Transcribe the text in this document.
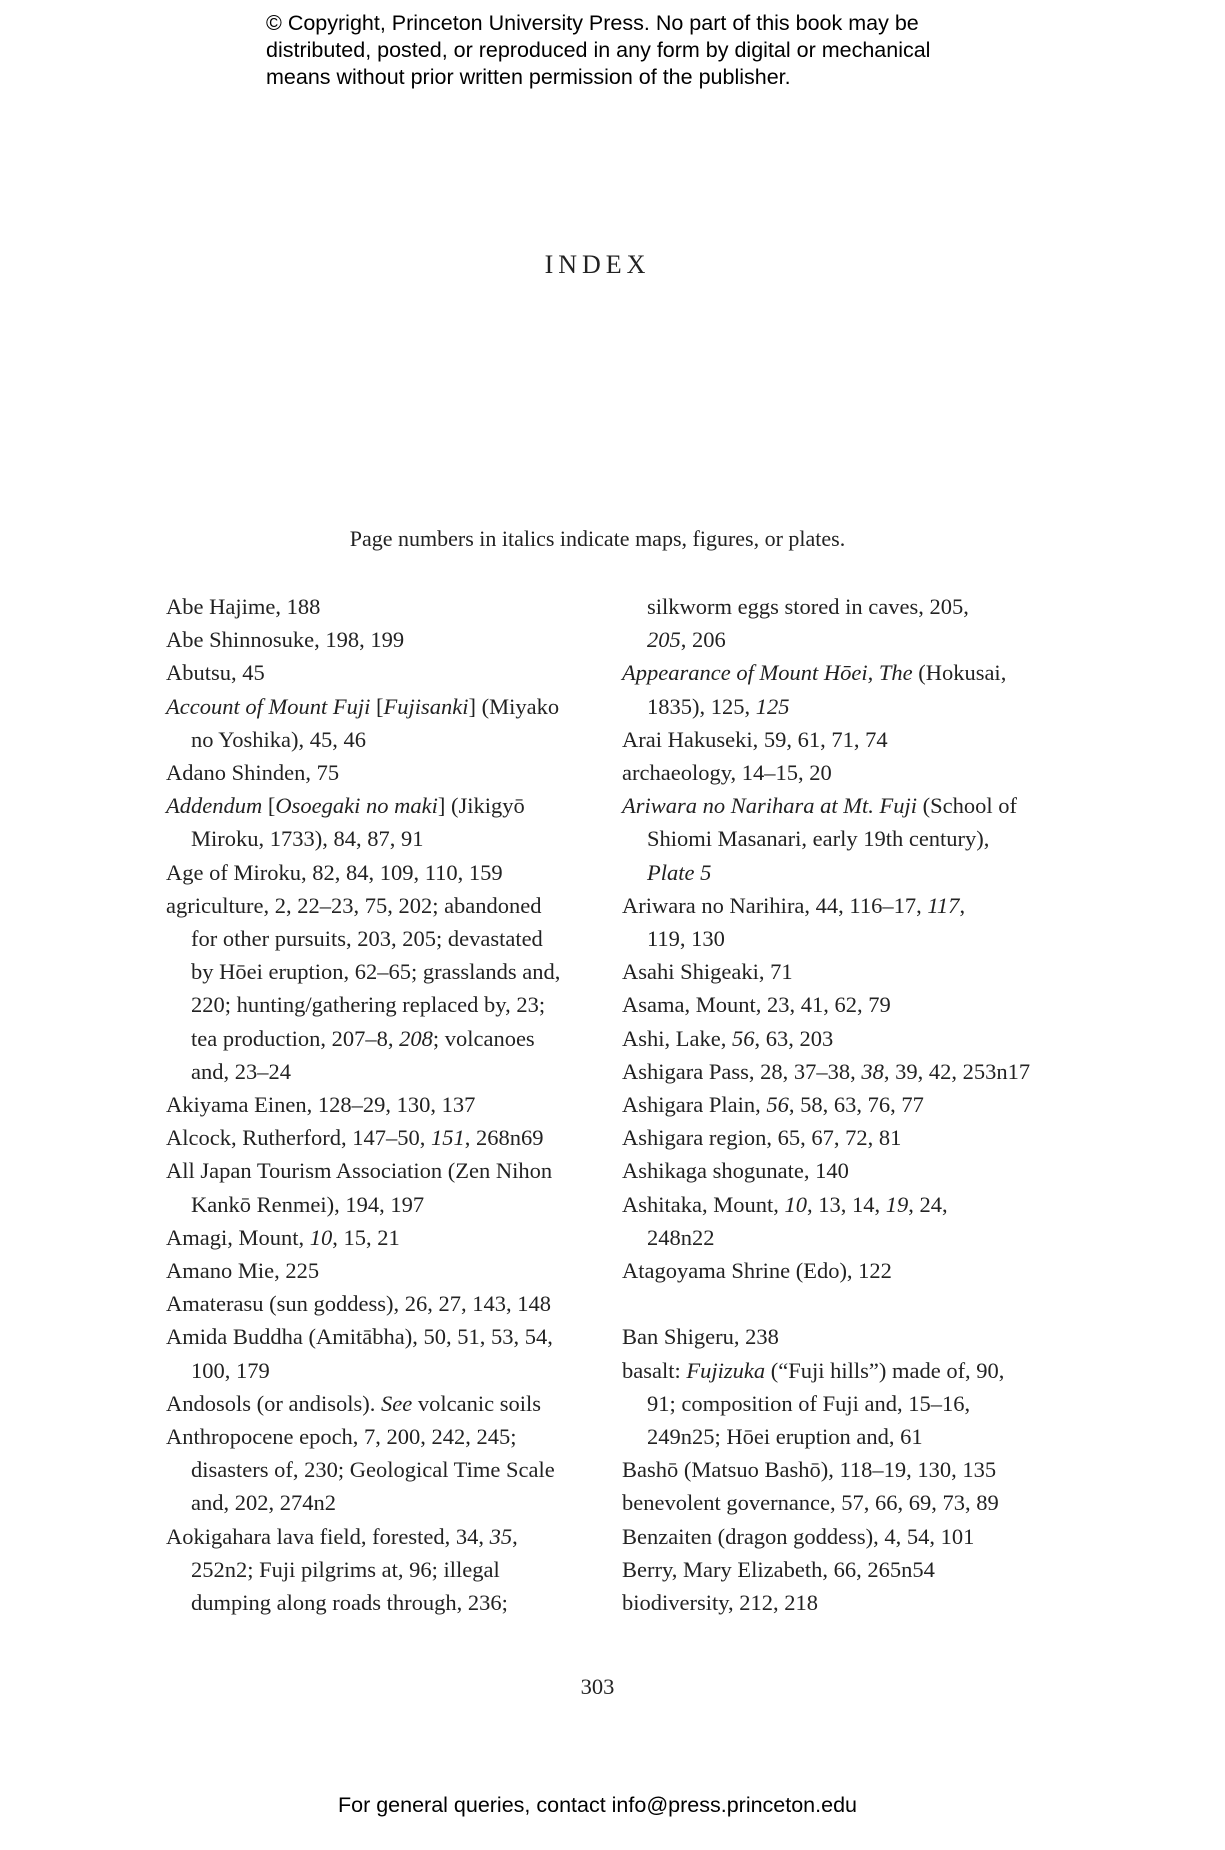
© Copyright, Princeton University Press. No part of this book may be
distributed, posted, or reproduced in any form by digital or mechanical
means without prior written permission of the publisher.
INDEX
Page numbers in italics indicate maps, figures, or plates.
Abe Hajime, 188
Abe Shinnosuke, 198, 199
Abutsu, 45
Account of Mount Fuji [Fujisanki] (Miyako
no Yoshika), 45, 46
Adano Shinden, 75
Addendum [Osoegaki no maki] (Jikigyō
Miroku, 1733), 84, 87, 91
Age of Miroku, 82, 84, 109, 110, 159
agriculture, 2, 22–23, 75, 202; abandoned
for other pursuits, 203, 205; devastated
by Hōei eruption, 62–65; grasslands and,
220; hunting/gathering replaced by, 23;
tea production, 207–8, 208; volcanoes
and, 23–24
Akiyama Einen, 128–29, 130, 137
Alcock, Rutherford, 147–50, 151, 268n69
All Japan Tourism Association (Zen Nihon
Kankō Renmei), 194, 197
Amagi, Mount, 10, 15, 21
Amano Mie, 225
Amaterasu (sun goddess), 26, 27, 143, 148
Amida Buddha (Amitābha), 50, 51, 53, 54,
100, 179
Andosols (or andisols). See volcanic soils
Anthropocene epoch, 7, 200, 242, 245;
disasters of, 230; Geological Time Scale
and, 202, 274n2
Aokigahara lava field, forested, 34, 35,
252n2; Fuji pilgrims at, 96; illegal
dumping along roads through, 236;
silkworm eggs stored in caves, 205,
205, 206
Appearance of Mount Hōei, The (Hokusai,
1835), 125, 125
Arai Hakuseki, 59, 61, 71, 74
archaeology, 14–15, 20
Ariwara no Narihara at Mt. Fuji (School of
Shiomi Masanari, early 19th century),
Plate 5
Ariwara no Narihira, 44, 116–17, 117,
119, 130
Asahi Shigeaki, 71
Asama, Mount, 23, 41, 62, 79
Ashi, Lake, 56, 63, 203
Ashigara Pass, 28, 37–38, 38, 39, 42, 253n17
Ashigara Plain, 56, 58, 63, 76, 77
Ashigara region, 65, 67, 72, 81
Ashikaga shogunate, 140
Ashitaka, Mount, 10, 13, 14, 19, 24,
248n22
Atagoyama Shrine (Edo), 122
Ban Shigeru, 238
basalt: Fujizuka (“Fuji hills”) made of, 90,
91; composition of Fuji and, 15–16,
249n25; Hōei eruption and, 61
Bashō (Matsuo Bashō), 118–19, 130, 135
benevolent governance, 57, 66, 69, 73, 89
Benzaiten (dragon goddess), 4, 54, 101
Berry, Mary Elizabeth, 66, 265n54
biodiversity, 212, 218
303
For general queries, contact info@press.princeton.edu
